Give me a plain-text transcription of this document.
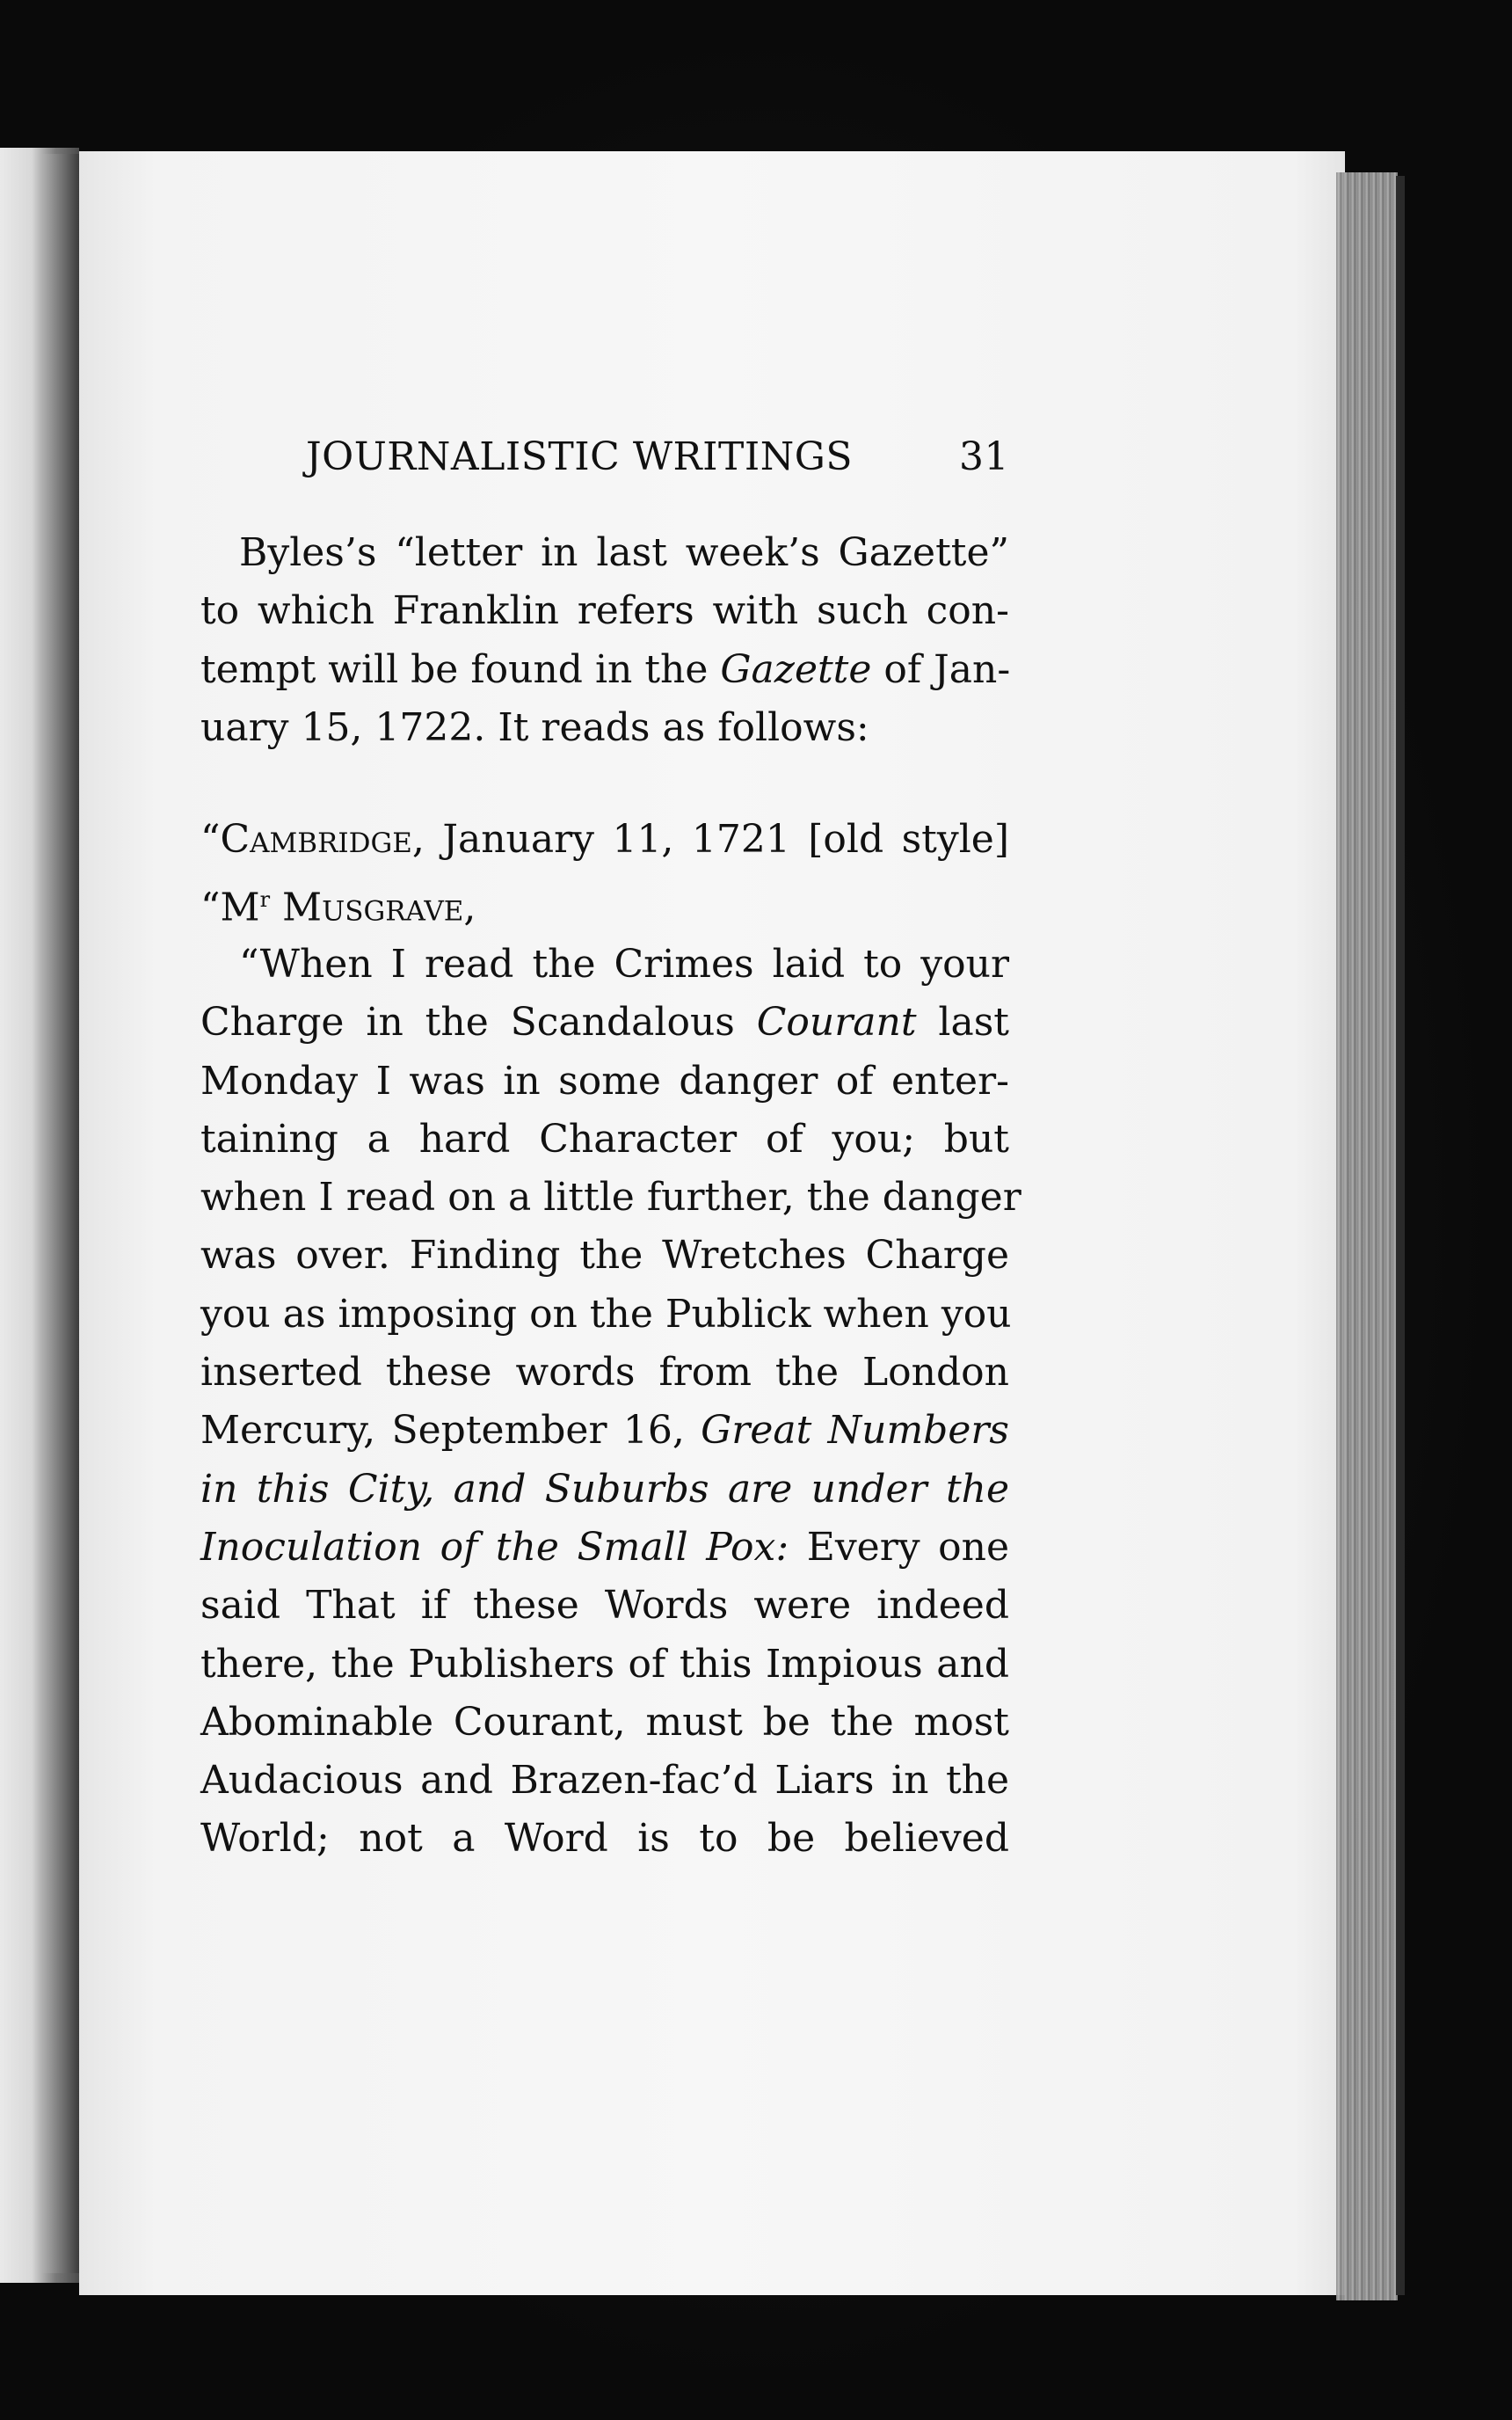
JOURNALISTIC WRITINGS	31
Byles’s “letter in last week’s Gazette”
to which Franklin refers with such con-
tempt will be found in the Gazette of Jan-
uary 15, 1722. It reads as follows:
“Cambridge, January 11, 1721 [old style]
“$M^r$ Musgrave,
“When I read the Crimes laid to your
Charge in the Scandalous Courant last
Monday I was in some danger of enter-
taining a hard Character of you; but
when I read on a little further, the danger
was over. Finding the Wretches Charge
you as imposing on the Publick when you
inserted these words from the London
Mercury, September 16, Great Numbers
in this City, and Suburbs are under the
Inoculation of the Small Pox: Every one
said That if these Words were indeed
there, the Publishers of this Impious and
Abominable Courant, must be the most
Audacious and Brazen-fac’d Liars in the
World; not a Word is to be believed
